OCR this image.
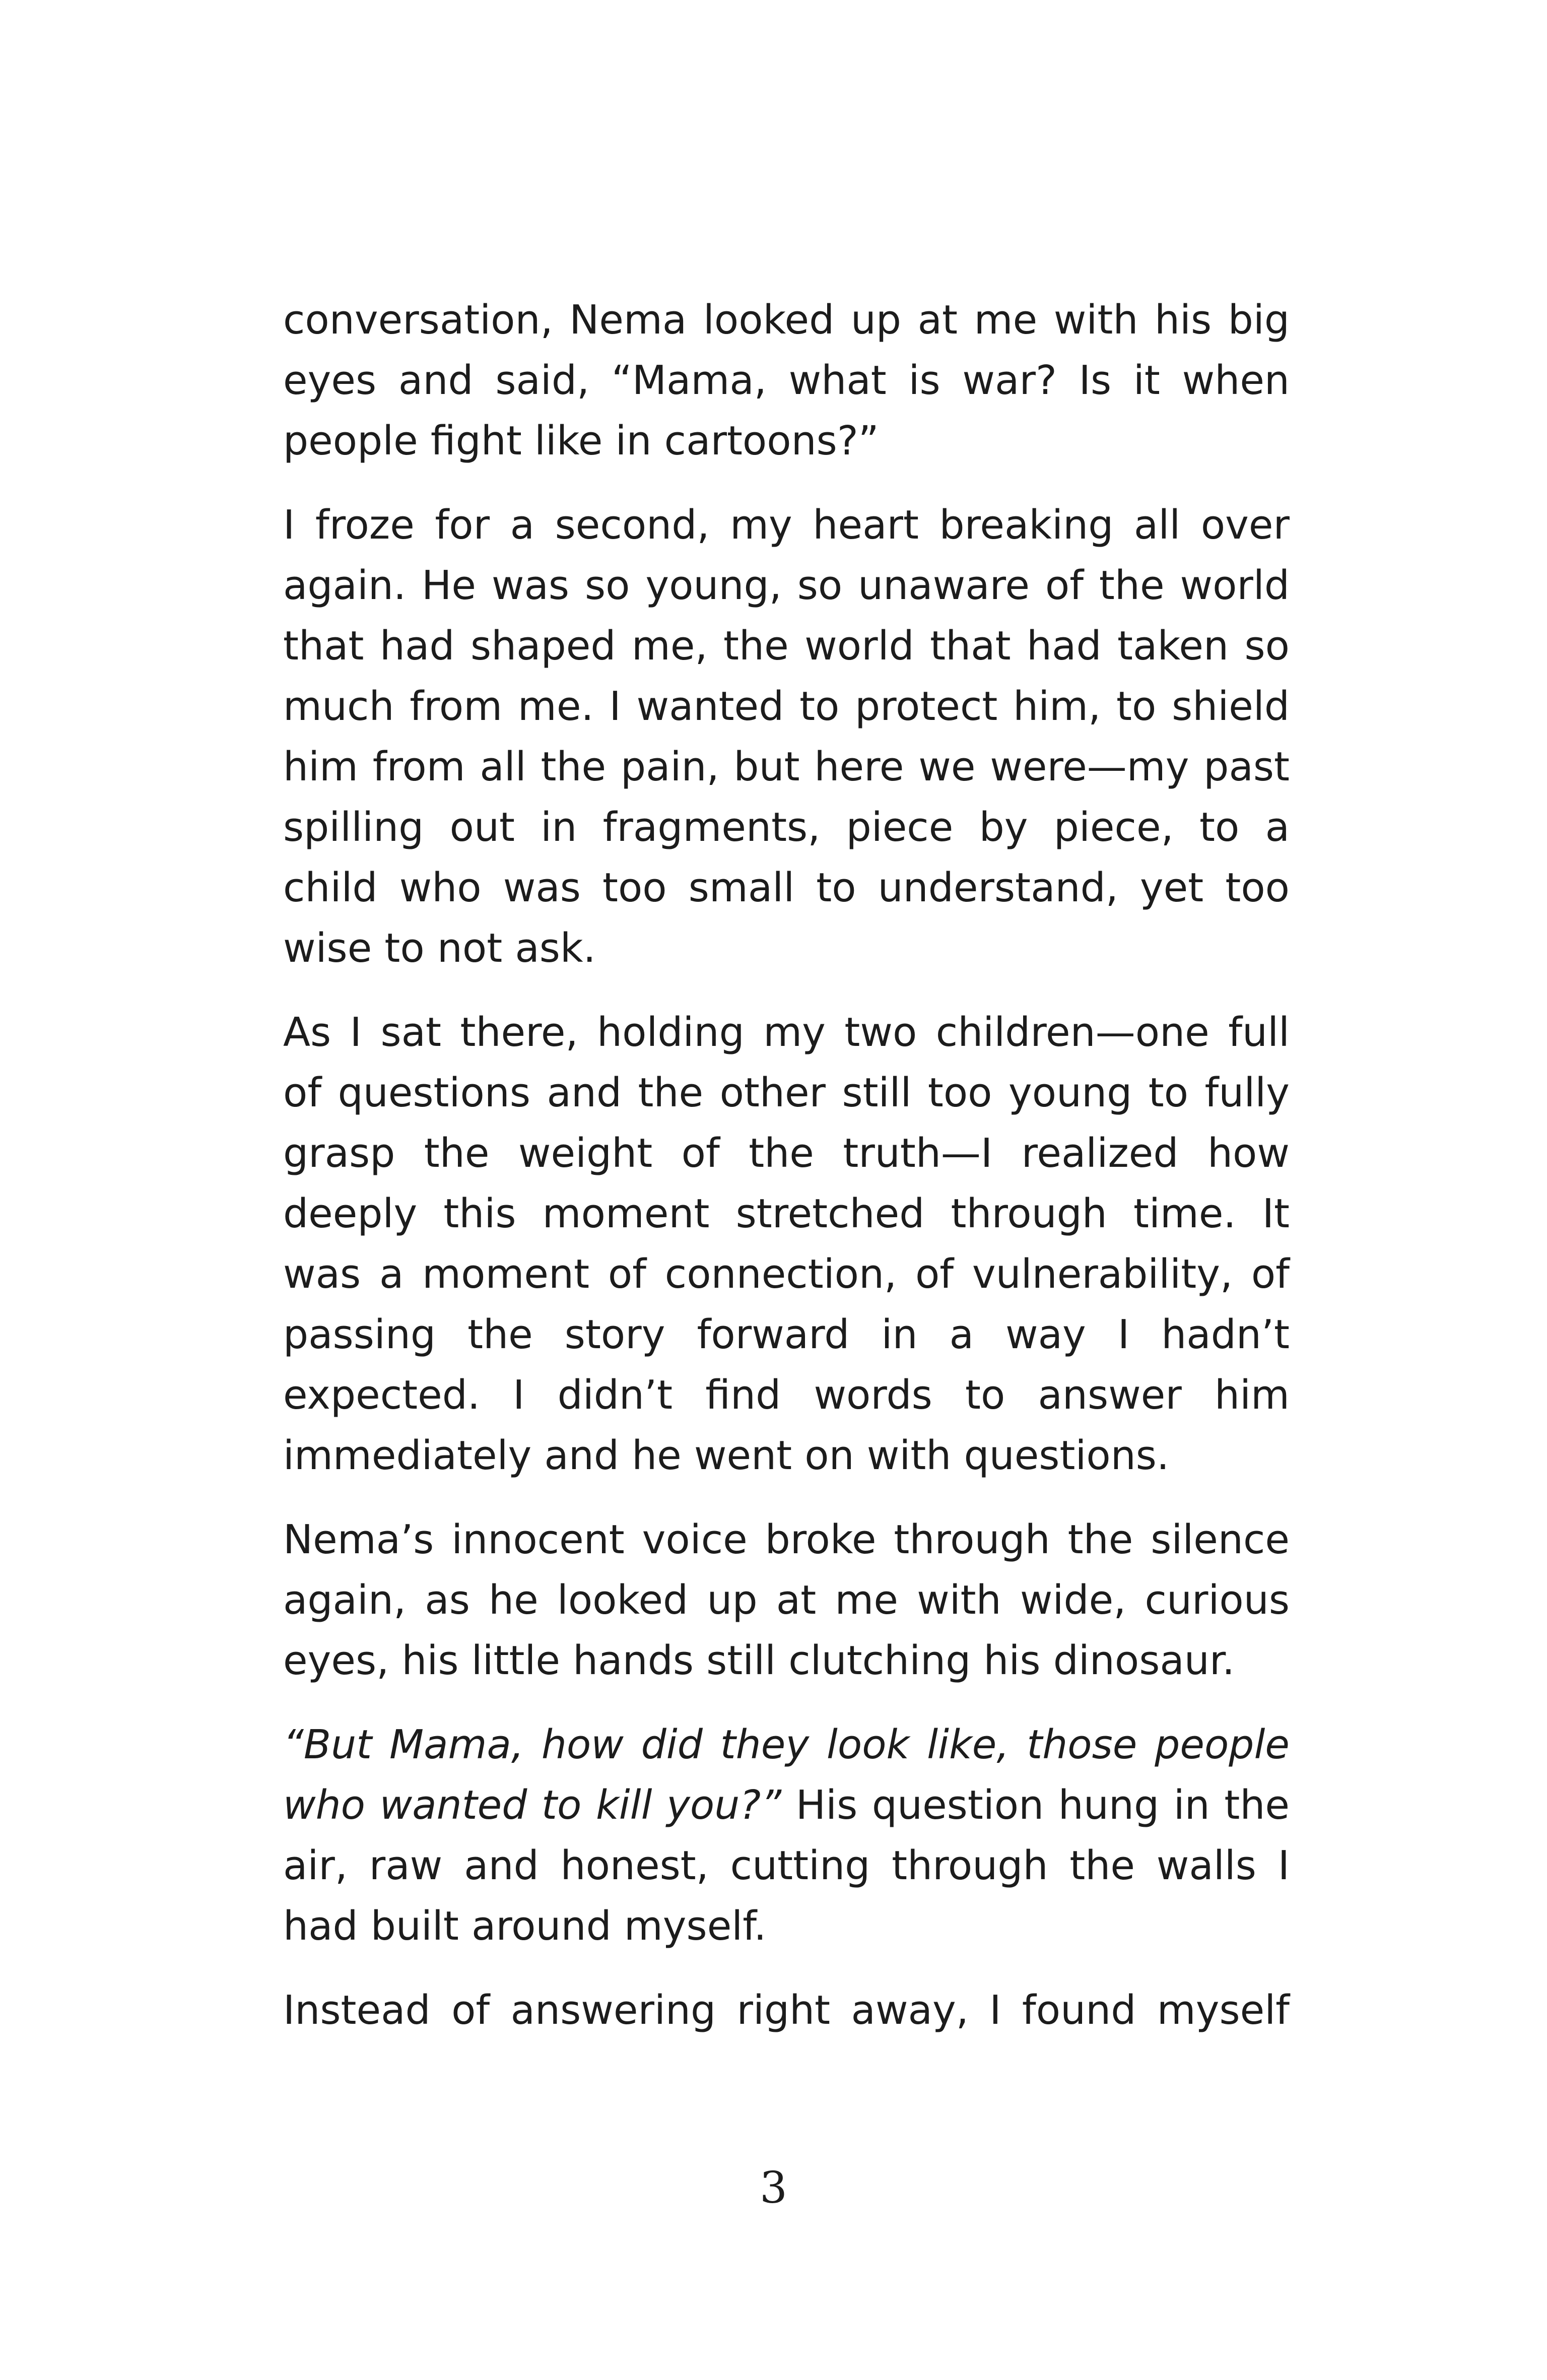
conversation, Nema looked up at me with his big eyes and said, “Mama, what is war? Is it when people fight like in cartoons?”

I froze for a second, my heart breaking all over again. He was so young, so unaware of the world that had shaped me, the world that had taken so much from me. I wanted to protect him, to shield him from all the pain, but here we were—my past spilling out in fragments, piece by piece, to a child who was too small to understand, yet too wise to not ask.

As I sat there, holding my two children—one full of questions and the other still too young to fully grasp the weight of the truth—I realized how deeply this moment stretched through time. It was a moment of connection, of vulnerability, of passing the story forward in a way I hadn’t expected. I didn’t find words to answer him immediately and he went on with questions.

Nema’s innocent voice broke through the silence again, as he looked up at me with wide, curious eyes, his little hands still clutching his dinosaur.

“But Mama, how did they look like, those people who wanted to kill you?” His question hung in the air, raw and honest, cutting through the walls I had built around myself.

Instead of answering right away, I found myself

3
